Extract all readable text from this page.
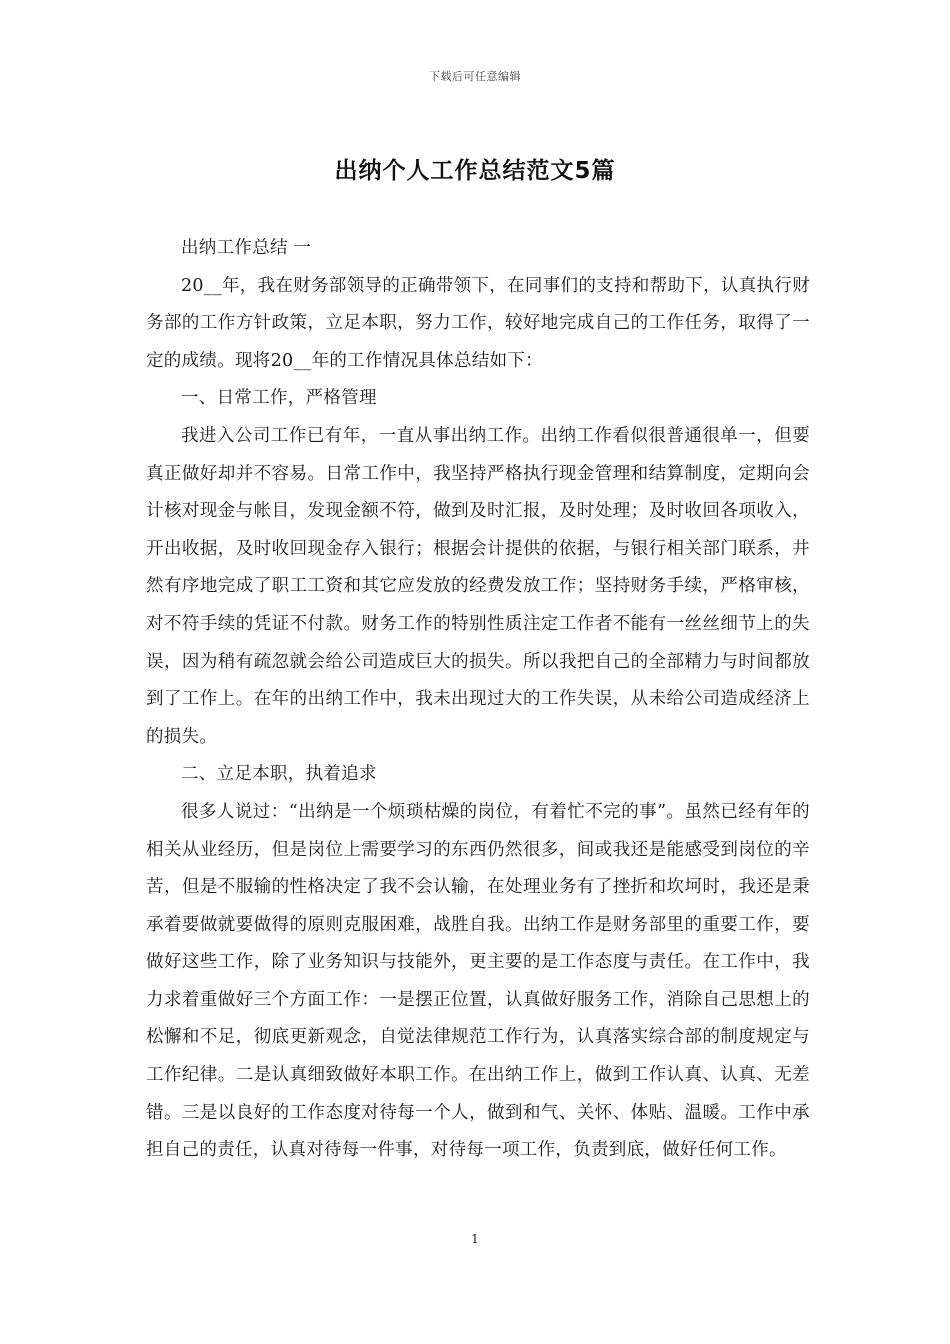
下载后可任意编辑
出纳个人工作总结范文5篇

出纳工作总结 一

20__年，我在财务部领导的正确带领下，在同事们的支持和帮助下，认真执行财务部的工作方针政策，立足本职，努力工作，较好地完成自己的工作任务，取得了一定的成绩。现将20__年的工作情况具体总结如下：

一、日常工作，严格管理

我进入公司工作已有年，一直从事出纳工作。出纳工作看似很普通很单一，但要真正做好却并不容易。日常工作中，我坚持严格执行现金管理和结算制度，定期向会计核对现金与帐目，发现金额不符，做到及时汇报，及时处理；及时收回各项收入，开出收据，及时收回现金存入银行；根据会计提供的依据，与银行相关部门联系，井然有序地完成了职工工资和其它应发放的经费发放工作；坚持财务手续，严格审核，对不符手续的凭证不付款。财务工作的特别性质注定工作者不能有一丝丝细节上的失误，因为稍有疏忽就会给公司造成巨大的损失。所以我把自己的全部精力与时间都放到了工作上。在年的出纳工作中，我未出现过大的工作失误，从未给公司造成经济上的损失。

二、立足本职，执着追求

很多人说过：“出纳是一个烦琐枯燥的岗位，有着忙不完的事”。虽然已经有年的相关从业经历，但是岗位上需要学习的东西仍然很多，间或我还是能感受到岗位的辛苦，但是不服输的性格决定了我不会认输，在处理业务有了挫折和坎坷时，我还是秉承着要做就要做得的原则克服困难，战胜自我。出纳工作是财务部里的重要工作，要做好这些工作，除了业务知识与技能外，更主要的是工作态度与责任。在工作中，我力求着重做好三个方面工作：一是摆正位置，认真做好服务工作，消除自己思想上的松懈和不足，彻底更新观念，自觉法律规范工作行为，认真落实综合部的制度规定与工作纪律。二是认真细致做好本职工作。在出纳工作上，做到工作认真、认真、无差错。三是以良好的工作态度对待每一个人，做到和气、关怀、体贴、温暖。工作中承担自己的责任，认真对待每一件事，对待每一项工作，负责到底，做好任何工作。

1
